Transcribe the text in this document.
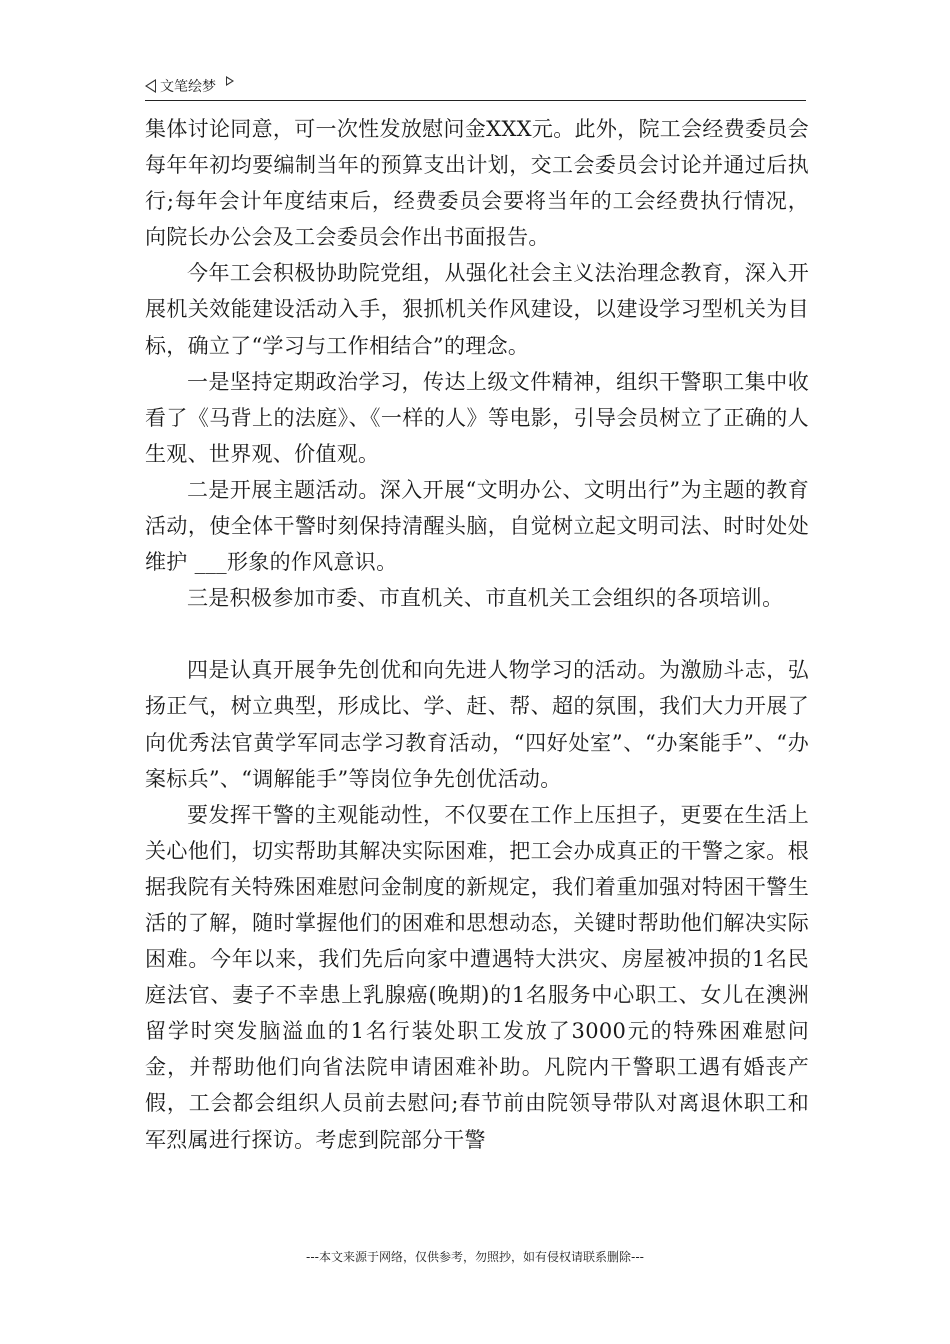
文笔绘梦

集体讨论同意，可一次性发放慰问金XXX元。此外，院工会经费委员会每年年初均要编制当年的预算支出计划，交工会委员会讨论并通过后执行;每年会计年度结束后，经费委员会要将当年的工会经费执行情况，向院长办公会及工会委员会作出书面报告。

今年工会积极协助院党组，从强化社会主义法治理念教育，深入开展机关效能建设活动入手，狠抓机关作风建设，以建设学习型机关为目标，确立了“学习与工作相结合”的理念。

一是坚持定期政治学习，传达上级文件精神，组织干警职工集中收看了《马背上的法庭》、《一样的人》等电影，引导会员树立了正确的人生观、世界观、价值观。

二是开展主题活动。深入开展“文明办公、文明出行”为主题的教育活动，使全体干警时刻保持清醒头脑，自觉树立起文明司法、时时处处维护 ___形象的作风意识。

三是积极参加市委、市直机关、市直机关工会组织的各项培训。

四是认真开展争先创优和向先进人物学习的活动。为激励斗志，弘扬正气，树立典型，形成比、学、赶、帮、超的氛围，我们大力开展了向优秀法官黄学军同志学习教育活动，“四好处室”、“办案能手”、“办案标兵”、“调解能手”等岗位争先创优活动。

要发挥干警的主观能动性，不仅要在工作上压担子，更要在生活上关心他们，切实帮助其解决实际困难，把工会办成真正的干警之家。根据我院有关特殊困难慰问金制度的新规定，我们着重加强对特困干警生活的了解，随时掌握他们的困难和思想动态，关键时帮助他们解决实际困难。今年以来，我们先后向家中遭遇特大洪灾、房屋被冲损的1名民庭法官、妻子不幸患上乳腺癌(晚期)的1名服务中心职工、女儿在澳洲留学时突发脑溢血的1名行装处职工发放了3000元的特殊困难慰问金，并帮助他们向省法院申请困难补助。凡院内干警职工遇有婚丧产假，工会都会组织人员前去慰问;春节前由院领导带队对离退休职工和军烈属进行探访。考虑到院部分干警

---本文来源于网络，仅供参考，勿照抄，如有侵权请联系删除---
